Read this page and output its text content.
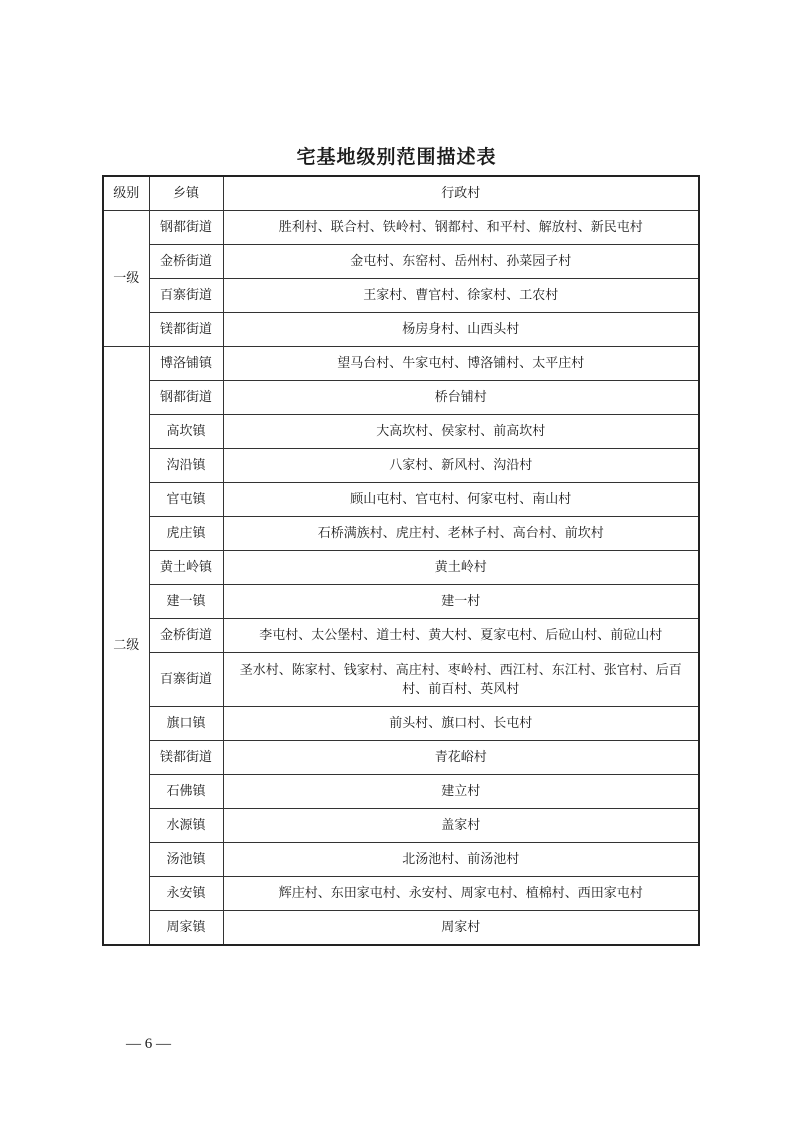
宅基地级别范围描述表
级别	乡镇	行政村
一级	钢都街道	胜利村、联合村、铁岭村、钢都村、和平村、解放村、新民屯村
	金桥街道	金屯村、东窑村、岳州村、孙菜园子村
	百寨街道	王家村、曹官村、徐家村、工农村
	镁都街道	杨房身村、山西头村
二级	博洛铺镇	望马台村、牛家屯村、博洛铺村、太平庄村
	钢都街道	桥台铺村
	高坎镇	大高坎村、侯家村、前高坎村
	沟沿镇	八家村、新风村、沟沿村
	官屯镇	顾山屯村、官屯村、何家屯村、南山村
	虎庄镇	石桥满族村、虎庄村、老林子村、高台村、前坎村
	黄土岭镇	黄土岭村
	建一镇	建一村
	金桥街道	李屯村、太公堡村、道士村、黄大村、夏家屯村、后砬山村、前砬山村
	百寨街道	圣水村、陈家村、钱家村、高庄村、枣岭村、西江村、东江村、张官村、后百村、前百村、英风村
	旗口镇	前头村、旗口村、长屯村
	镁都街道	青花峪村
	石佛镇	建立村
	水源镇	盖家村
	汤池镇	北汤池村、前汤池村
	永安镇	辉庄村、东田家屯村、永安村、周家屯村、植棉村、西田家屯村
	周家镇	周家村
— 6 —
